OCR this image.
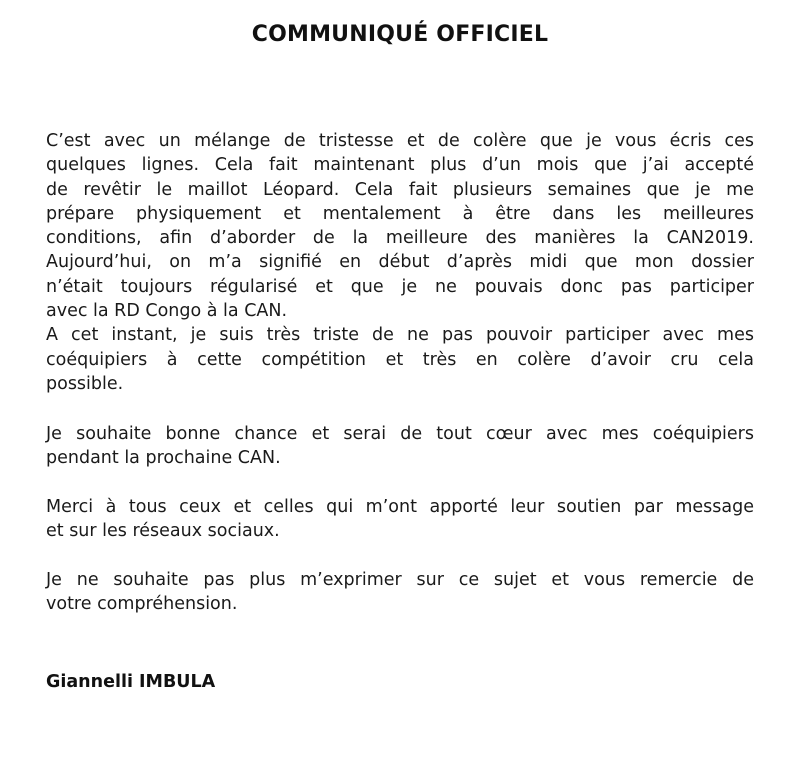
COMMUNIQUÉ OFFICIEL

C’est avec un mélange de tristesse et de colère que je vous écris ces
quelques lignes. Cela fait maintenant plus d’un mois que j’ai accepté
de revêtir le maillot Léopard. Cela fait plusieurs semaines que je me
prépare physiquement et mentalement à être dans les meilleures
conditions, afin d’aborder de la meilleure des manières la CAN2019.
Aujourd’hui, on m’a signifié en début d’après midi que mon dossier
n’était toujours régularisé et que je ne pouvais donc pas participer
avec la RD Congo à la CAN.
A cet instant, je suis très triste de ne pas pouvoir participer avec mes
coéquipiers à cette compétition et très en colère d’avoir cru cela
possible.

Je souhaite bonne chance et serai de tout cœur avec mes coéquipiers
pendant la prochaine CAN.

Merci à tous ceux et celles qui m’ont apporté leur soutien par message
et sur les réseaux sociaux.

Je ne souhaite pas plus m’exprimer sur ce sujet et vous remercie de
votre compréhension.

Giannelli IMBULA
